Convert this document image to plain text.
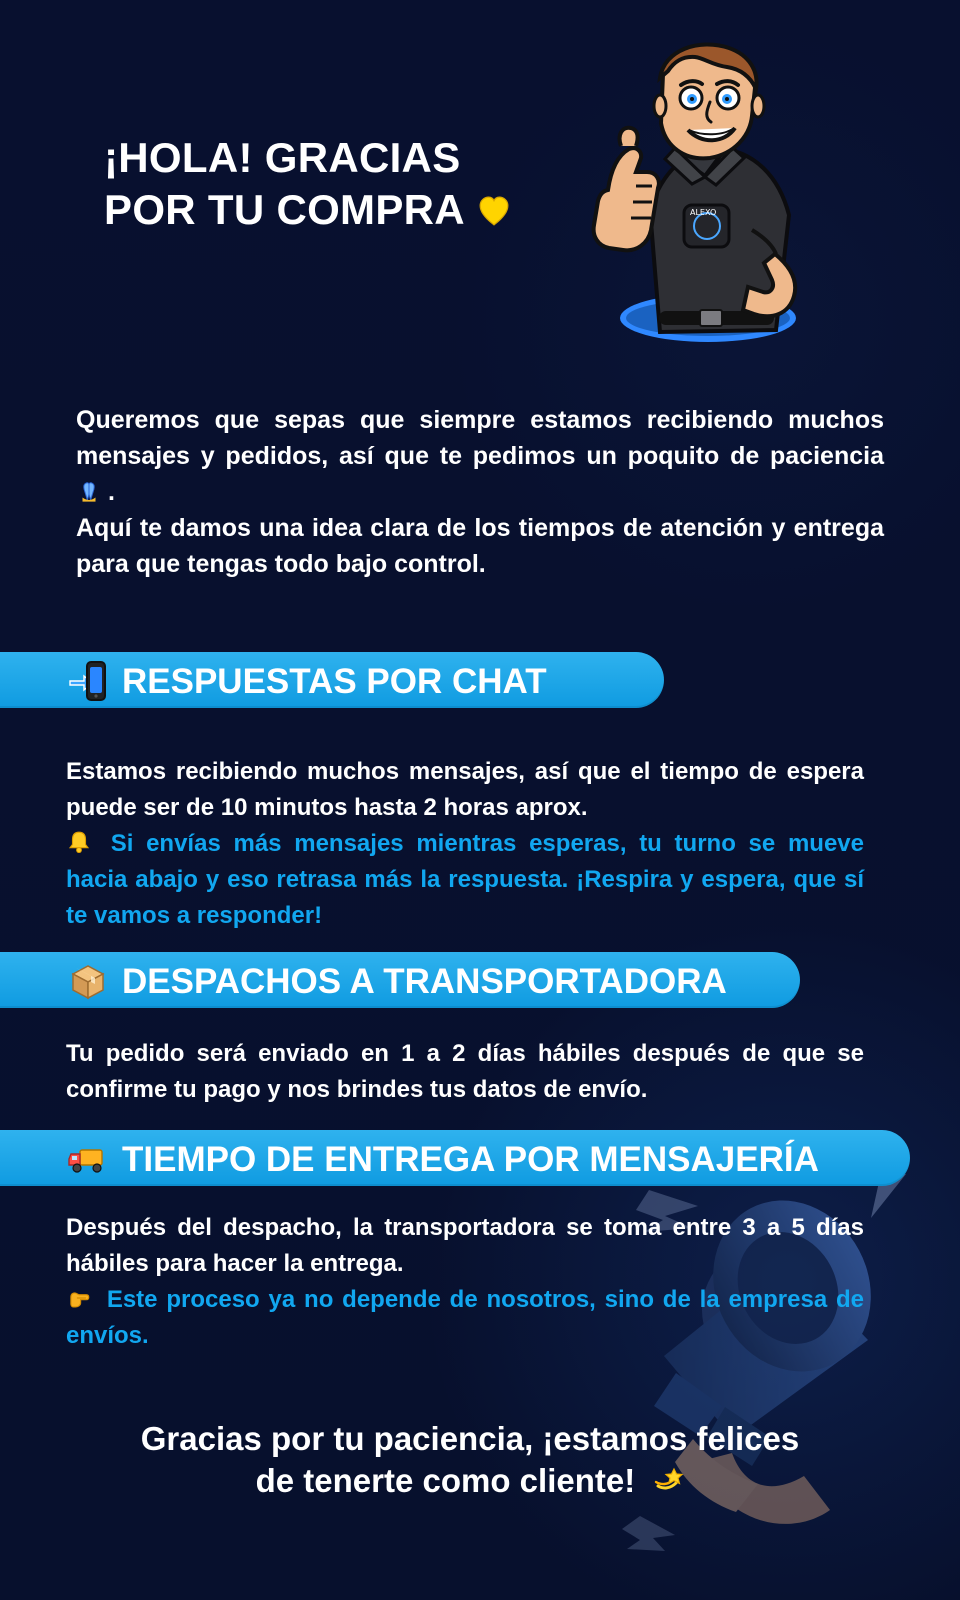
¡HOLA! GRACIAS
POR TU COMPRA	ALEXO

Queremos que sepas que siempre estamos recibiendo muchos mensajes y pedidos, así que te pedimos un poquito de paciencia .

Aquí te damos una idea clara de los tiempos de atención y entrega para que tengas todo bajo control.

RESPUESTAS POR CHAT

Estamos recibiendo muchos mensajes, así que el tiempo de espera puede ser de 10 minutos hasta 2 horas aprox.

Si envías más mensajes mientras esperas, tu turno se mueve hacia abajo y eso retrasa más la respuesta. ¡Respira y espera, que sí te vamos a responder!

DESPACHOS A TRANSPORTADORA

Tu pedido será enviado en 1 a 2 días hábiles después de que se confirme tu pago y nos brindes tus datos de envío.

TIEMPO DE ENTREGA POR MENSAJERÍA

Después del despacho, la transportadora se toma entre 3 a 5 días hábiles para hacer la entrega.

Este proceso ya no depende de nosotros, sino de la empresa de envíos.

Gracias por tu paciencia, ¡estamos felices
de tenerte como cliente!
